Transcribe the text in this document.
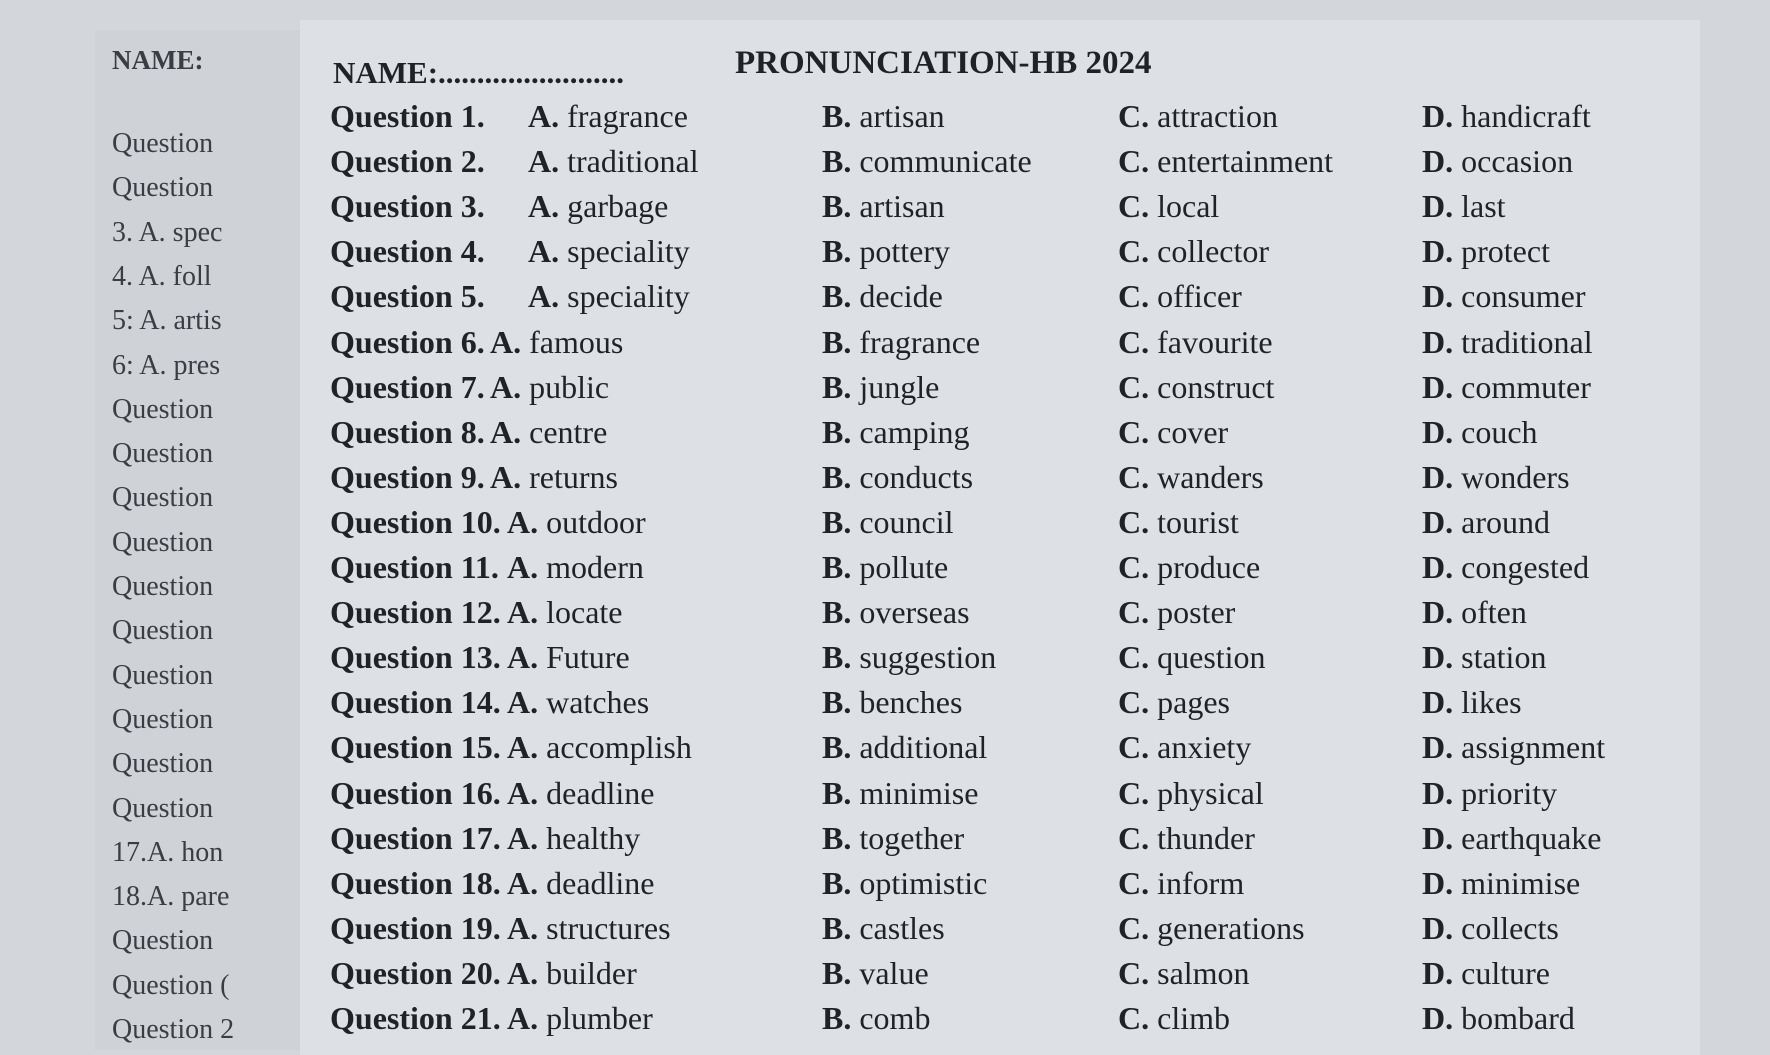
NAME:
Question
Question
3. A. spec
4. A. foll
5: A. artis
6: A. pres
Question
Question
Question
Question
Question
Question
Question
Question
Question
Question
17.A. hon
18.A. pare
Question
Question (
Question 2
NAME:........................	PRONUNCIATION-HB 2024
Question 1. A. fragrance	B. artisan	C. attraction	D. handicraft
Question 2. A. traditional	B. communicate	C. entertainment	D. occasion
Question 3. A. garbage	B. artisan	C. local	D. last
Question 4. A. speciality	B. pottery	C. collector	D. protect
Question 5. A. speciality	B. decide	C. officer	D. consumer
Question 6. A. famous	B. fragrance	C. favourite	D. traditional
Question 7. A. public	B. jungle	C. construct	D. commuter
Question 8. A. centre	B. camping	C. cover	D. couch
Question 9. A. returns	B. conducts	C. wanders	D. wonders
Question 10. A. outdoor	B. council	C. tourist	D. around
Question 11. A. modern	B. pollute	C. produce	D. congested
Question 12. A. locate	B. overseas	C. poster	D. often
Question 13. A. Future	B. suggestion	C. question	D. station
Question 14. A. watches	B. benches	C. pages	D. likes
Question 15. A. accomplish	B. additional	C. anxiety	D. assignment
Question 16. A. deadline	B. minimise	C. physical	D. priority
Question 17. A. healthy	B. together	C. thunder	D. earthquake
Question 18. A. deadline	B. optimistic	C. inform	D. minimise
Question 19. A. structures	B. castles	C. generations	D. collects
Question 20. A. builder	B. value	C. salmon	D. culture
Question 21. A. plumber	B. comb	C. climb	D. bombard
